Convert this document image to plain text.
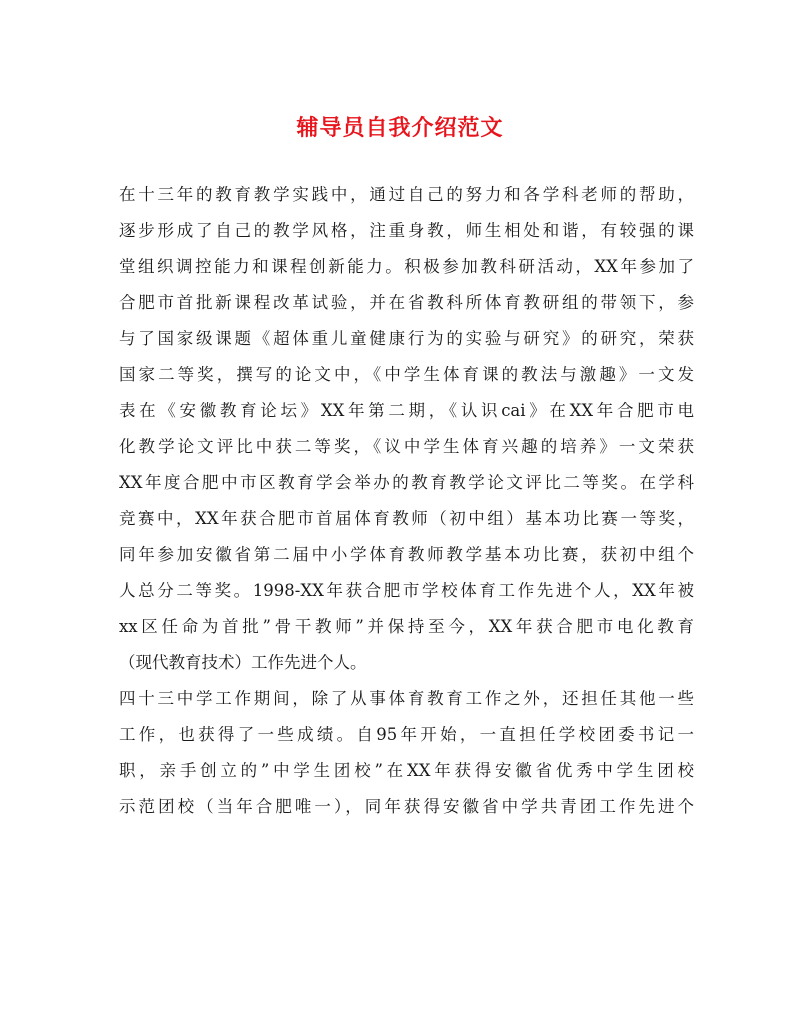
辅导员自我介绍范文
在十三年的教育教学实践中，通过自己的努力和各学科老师的帮助，
逐步形成了自己的教学风格，注重身教，师生相处和谐，有较强的课
堂组织调控能力和课程创新能力。积极参加教科研活动，XX年参加了
合肥市首批新课程改革试验，并在省教科所体育教研组的带领下，参
与了国家级课题《超体重儿童健康行为的实验与研究》的研究，荣获
国家二等奖，撰写的论文中，《中学生体育课的教法与激趣》一文发
表在《安徽教育论坛》XX年第二期，《认识cai》在XX年合肥市电
化教学论文评比中获二等奖，《议中学生体育兴趣的培养》一文荣获
XX年度合肥中市区教育学会举办的教育教学论文评比二等奖。在学科
竞赛中，XX年获合肥市首届体育教师（初中组）基本功比赛一等奖，
同年参加安徽省第二届中小学体育教师教学基本功比赛，获初中组个
人总分二等奖。1998-XX年获合肥市学校体育工作先进个人，XX年被
xx区任命为首批”骨干教师”并保持至今，XX年获合肥市电化教育
（现代教育技术）工作先进个人。
四十三中学工作期间，除了从事体育教育工作之外，还担任其他一些
工作，也获得了一些成绩。自95年开始，一直担任学校团委书记一
职，亲手创立的”中学生团校”在XX年获得安徽省优秀中学生团校
示范团校（当年合肥唯一），同年获得安徽省中学共青团工作先进个
